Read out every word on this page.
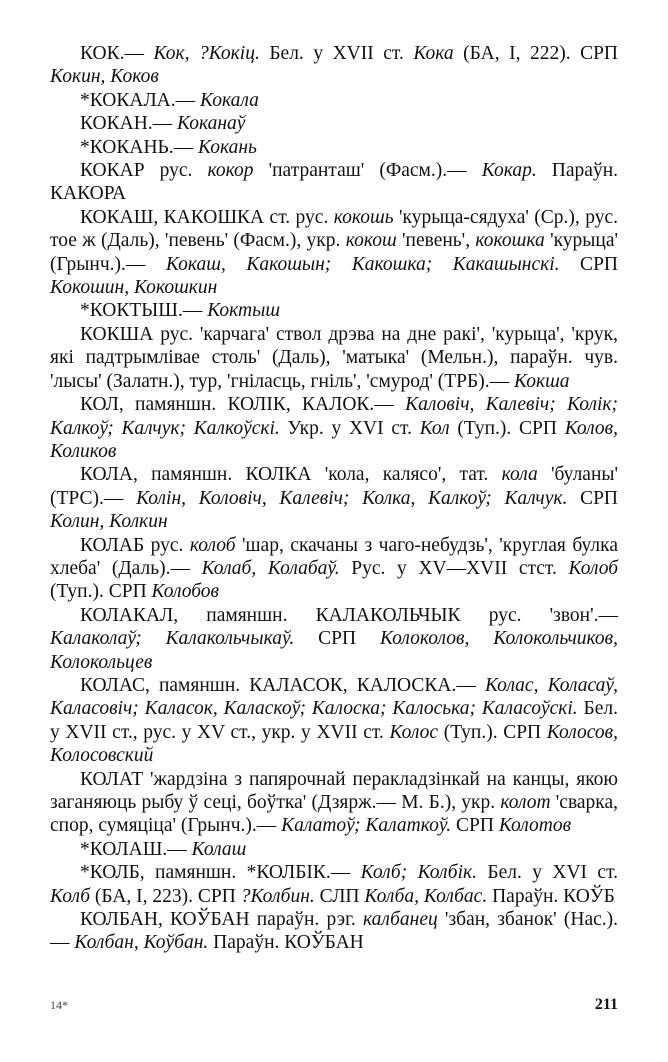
КОК.— Кок, ?Кокіц. Бел. у XVII ст. Кока (БА, I, 222). СРП Кокин, Коков

*КОКАЛА.— Кокала

КОКАН.— Коканаў

*КОКАНЬ.— Кокань

КОКАР рус. кокор 'патранташ' (Фасм.).— Кокар. Параўн. КАКОРА

КОКАШ, КАКОШКА ст. рус. кокошь 'курыца-сядуха' (Ср.), рус. тое ж (Даль), 'певень' (Фасм.), укр. кокош 'певень', кокошка 'курыца' (Грынч.).— Кокаш, Какошын; Какошка; Какашынскі. СРП Кокошин, Кокошкин

*КОКТЫШ.— Коктыш

КОКША рус. 'карчага' ствол дрэва на дне ракі', 'курыца', 'крук, які падтрымлівае столь' (Даль), 'матыка' (Мельн.), параўн. чув. 'лысы' (Залатн.), тур, 'гнілаcць, гніль', 'смурод' (ТРБ).— Кокша

КОЛ, памяншн. КОЛІК, КАЛОК.— Каловіч, Калевіч; Колік; Калкоў; Калчук; Калкоўскі. Укр. у XVI ст. Кол (Туп.). СРП Колов, Коликов

КОЛА, памяншн. КОЛКА 'кола, калясо', тат. кола 'буланы' (ТРС).— Колін, Коловіч, Калевіч; Колка, Калкоў; Калчук. СРП Колин, Колкин

КОЛАБ рус. колоб 'шар, скачаны з чаго-небудзь', 'круглая булка хлеба' (Даль).— Колаб, Колабаў. Рус. у XV—XVII стст. Колоб (Туп.). СРП Колобов

КОЛАКАЛ, памяншн. КАЛАКОЛЬЧЫК рус. 'звон'.— Калаколаў; Калакольчыкаў. СРП Колоколов, Колокольчиков, Колокольцев

КОЛАС, памяншн. КАЛАСОК, КАЛОСКА.— Колас, Коласаў, Каласовіч; Каласок, Каласкоў; Калоска; Калоська; Каласоўскі. Бел. у XVII ст., рус. у XV ст., укр. у XVII ст. Колос (Туп.). СРП Колосов, Колосовский

КОЛАТ 'жардзіна з папярочнай перакладзінкай на канцы, якою заганяюць рыбу ў сеці, боўтка' (Дзярж.— М. Б.), укр. колот 'сварка, спор, сумяціца' (Грынч.).— Калатоў; Калаткоў. СРП Колотов

*КОЛАШ.— Колаш

*КОЛБ, памяншн. *КОЛБІК.— Колб; Колбік. Бел. у XVI ст. Колб (БА, I, 223). СРП ?Колбин. СЛП Колба, Колбас. Параўн. КОЎБ

КОЛБАН, КОЎБАН параўн. рэг. калбанец 'збан, збанок' (Нас.).— Колбан, Коўбан. Параўн. КОЎБАН

14*	211
